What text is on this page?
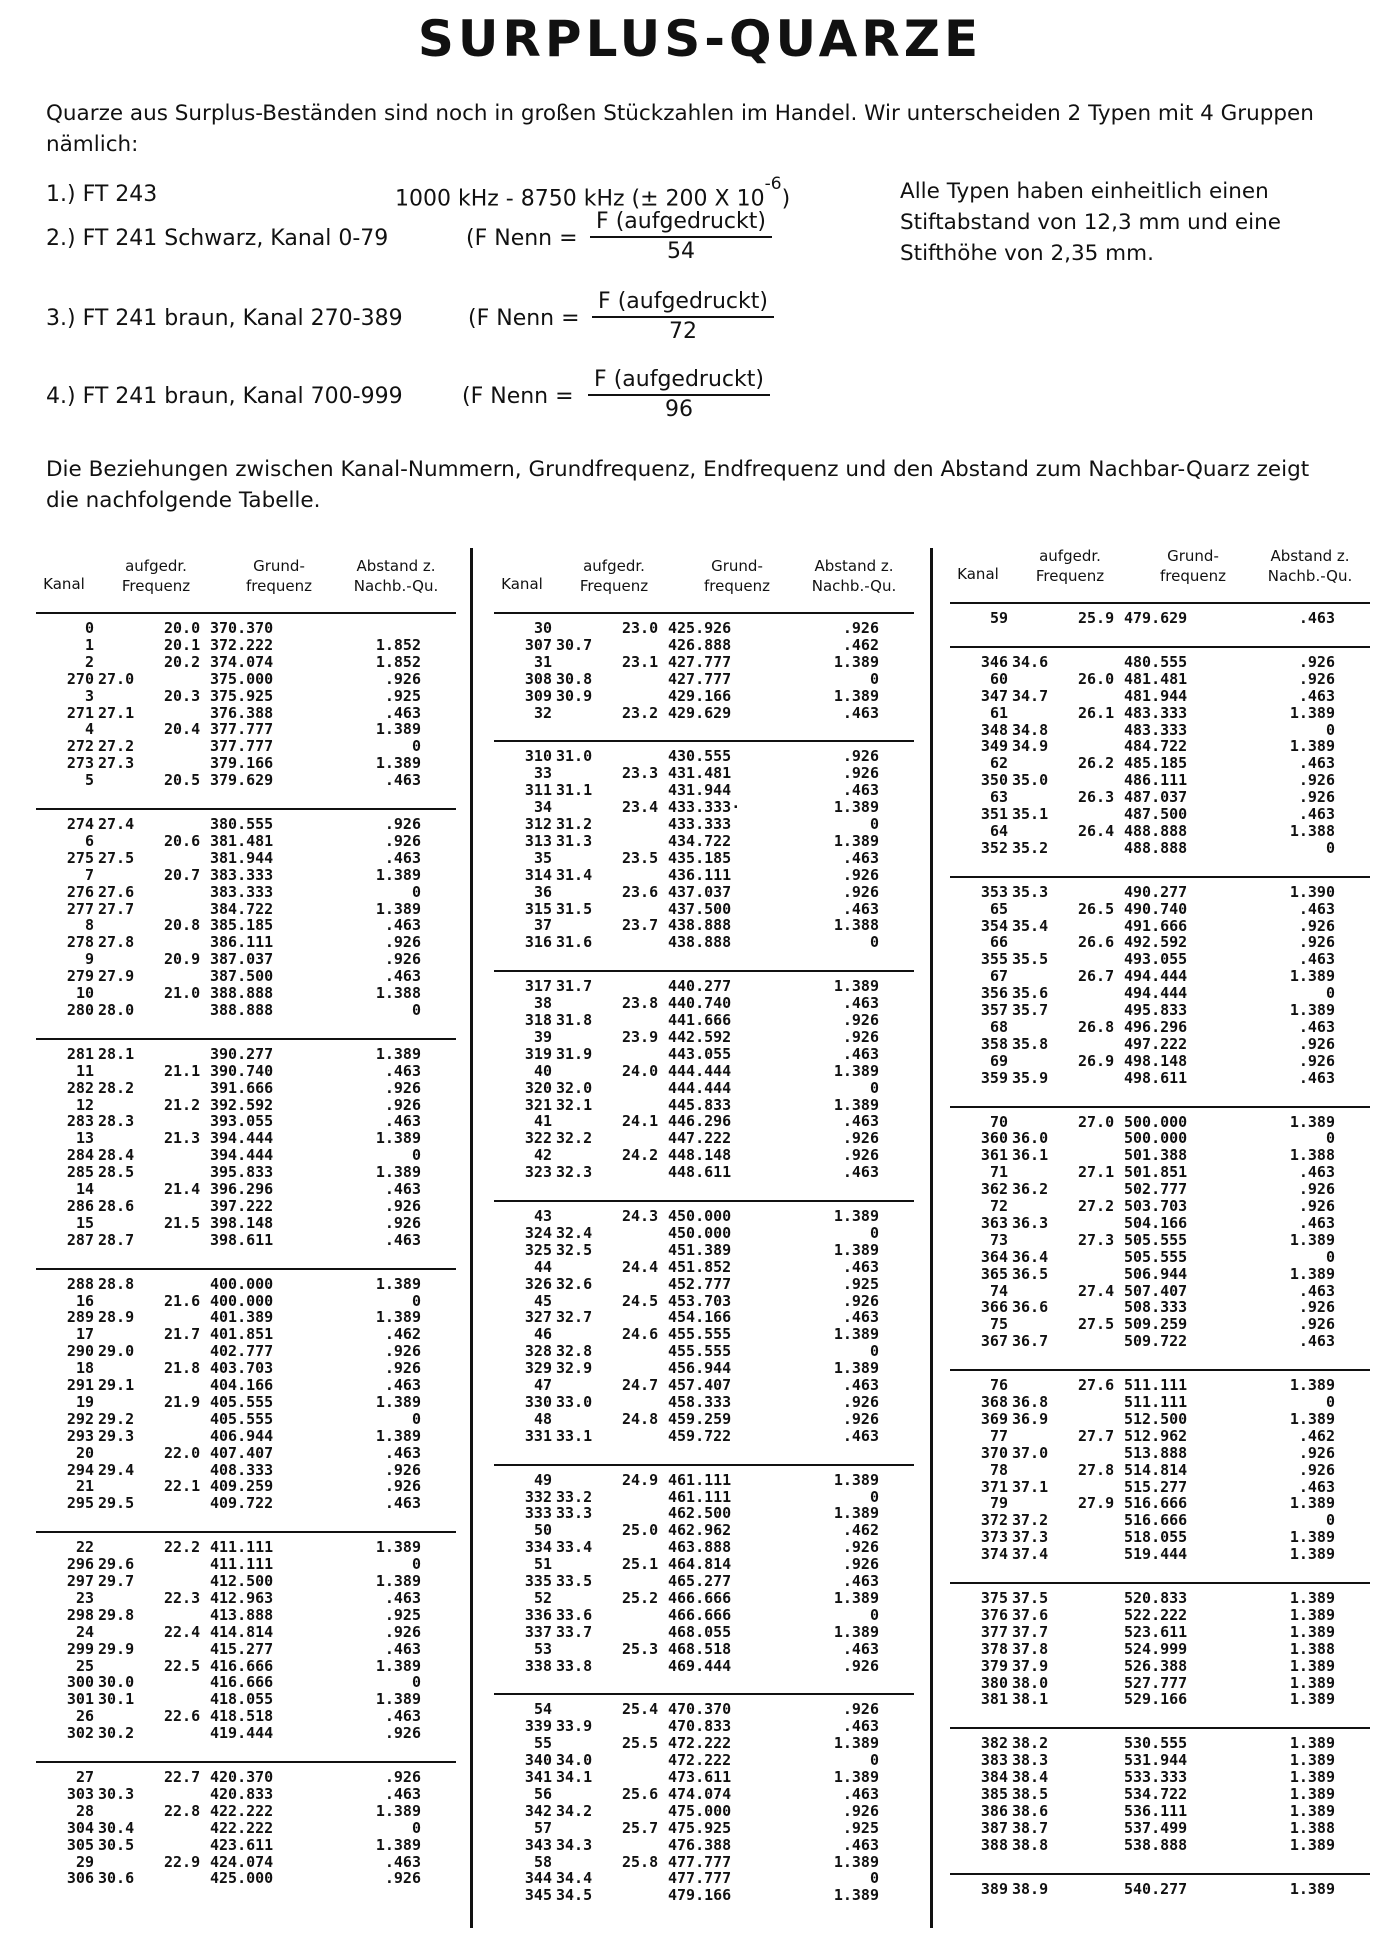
SURPLUS-QUARZE
Quarze aus Surplus-Beständen sind noch in großen Stückzahlen im Handel. Wir unterscheiden 2 Typen mit 4 Gruppen nämlich:
1.) FT 243	1000 kHz - 8750 kHz (± 200 X $10^{-6}$)
2.) FT 241 Schwarz, Kanal 0-79	(F Nenn =
F (aufgedruckt)
54
3.) FT 241 braun, Kanal 270-389	(F Nenn =
F (aufgedruckt)
72
4.) FT 241 braun, Kanal 700-999	(F Nenn =
F (aufgedruckt)
96
Alle Typen haben einheitlich einen Stiftabstand von 12,3 mm und eine Stifthöhe von 2,35 mm.
Die Beziehungen zwischen Kanal-Nummern, Grundfrequenz, Endfrequenz und den Abstand zum Nachbar-Quarz zeigt die nachfolgende Tabelle.
Kanal
aufgedr. Frequenz
Grund- frequenz
Abstand z. Nachb.-Qu.
0	20.0 370.370
1	20.1 372.222	1.852
2	20.2 374.074	1.852
270 27.0	375.000	.926
3	20.3 375.925	.925
271 27.1	376.388	.463
4	20.4 377.777	1.389
272 27.2	377.777	0
273 27.3	379.166	1.389
5	20.5 379.629	.463
274 27.4	380.555	.926
6	20.6 381.481	.926
275 27.5	381.944	.463
7	20.7 383.333	1.389
276 27.6	383.333	0
277 27.7	384.722	1.389
8	20.8 385.185	.463
278 27.8	386.111	.926
9	20.9 387.037	.926
279 27.9	387.500	.463
10	21.0 388.888	1.388
280 28.0	388.888	0
281 28.1	390.277	1.389
11	21.1 390.740	.463
282 28.2	391.666	.926
12	21.2 392.592	.926
283 28.3	393.055	.463
13	21.3 394.444	1.389
284 28.4	394.444	0
285 28.5	395.833	1.389
14	21.4 396.296	.463
286 28.6	397.222	.926
15	21.5 398.148	.926
287 28.7	398.611	.463
288 28.8	400.000	1.389
16	21.6 400.000	0
289 28.9	401.389	1.389
17	21.7 401.851	.462
290 29.0	402.777	.926
18	21.8 403.703	.926
291 29.1	404.166	.463
19	21.9 405.555	1.389
292 29.2	405.555	0
293 29.3	406.944	1.389
20	22.0 407.407	.463
294 29.4	408.333	.926
21	22.1 409.259	.926
295 29.5	409.722	.463
22	22.2 411.111	1.389
296 29.6	411.111	0
297 29.7	412.500	1.389
23	22.3 412.963	.463
298 29.8	413.888	.925
24	22.4 414.814	.926
299 29.9	415.277	.463
25	22.5 416.666	1.389
300 30.0	416.666	0
301 30.1	418.055	1.389
26	22.6 418.518	.463
302 30.2	419.444	.926
27	22.7 420.370	.926
303 30.3	420.833	.463
28	22.8 422.222	1.389
304 30.4	422.222	0
305 30.5	423.611	1.389
29	22.9 424.074	.463
306 30.6	425.000	.926
Kanal
aufgedr. Frequenz
Grund- frequenz
Abstand z. Nachb.-Qu.
30	23.0 425.926	.926
307 30.7	426.888	.462
31	23.1 427.777	1.389
308 30.8	427.777	0
309 30.9	429.166	1.389
32	23.2 429.629	.463
310 31.0	430.555	.926
33	23.3 431.481	.926
311 31.1	431.944	.463
34	23.4 433.333·	1.389
312 31.2	433.333	0
313 31.3	434.722	1.389
35	23.5 435.185	.463
314 31.4	436.111	.926
36	23.6 437.037	.926
315 31.5	437.500	.463
37	23.7 438.888	1.388
316 31.6	438.888	0
317 31.7	440.277	1.389
38	23.8 440.740	.463
318 31.8	441.666	.926
39	23.9 442.592	.926
319 31.9	443.055	.463
40	24.0 444.444	1.389
320 32.0	444.444	0
321 32.1	445.833	1.389
41	24.1 446.296	.463
322 32.2	447.222	.926
42	24.2 448.148	.926
323 32.3	448.611	.463
43	24.3 450.000	1.389
324 32.4	450.000	0
325 32.5	451.389	1.389
44	24.4 451.852	.463
326 32.6	452.777	.925
45	24.5 453.703	.926
327 32.7	454.166	.463
46	24.6 455.555	1.389
328 32.8	455.555	0
329 32.9	456.944	1.389
47	24.7 457.407	.463
330 33.0	458.333	.926
48	24.8 459.259	.926
331 33.1	459.722	.463
49	24.9 461.111	1.389
332 33.2	461.111	0
333 33.3	462.500	1.389
50	25.0 462.962	.462
334 33.4	463.888	.926
51	25.1 464.814	.926
335 33.5	465.277	.463
52	25.2 466.666	1.389
336 33.6	466.666	0
337 33.7	468.055	1.389
53	25.3 468.518	.463
338 33.8	469.444	.926
54	25.4 470.370	.926
339 33.9	470.833	.463
55	25.5 472.222	1.389
340 34.0	472.222	0
341 34.1	473.611	1.389
56	25.6 474.074	.463
342 34.2	475.000	.926
57	25.7 475.925	.925
343 34.3	476.388	.463
58	25.8 477.777	1.389
344 34.4	477.777	0
345 34.5	479.166	1.389
Kanal
aufgedr. Frequenz
Grund- frequenz
Abstand z. Nachb.-Qu.
59	25.9 479.629	.463
346 34.6	480.555	.926
60	26.0 481.481	.926
347 34.7	481.944	.463
61	26.1 483.333	1.389
348 34.8	483.333	0
349 34.9	484.722	1.389
62	26.2 485.185	.463
350 35.0	486.111	.926
63	26.3 487.037	.926
351 35.1	487.500	.463
64	26.4 488.888	1.388
352 35.2	488.888	0
353 35.3	490.277	1.390
65	26.5 490.740	.463
354 35.4	491.666	.926
66	26.6 492.592	.926
355 35.5	493.055	.463
67	26.7 494.444	1.389
356 35.6	494.444	0
357 35.7	495.833	1.389
68	26.8 496.296	.463
358 35.8	497.222	.926
69	26.9 498.148	.926
359 35.9	498.611	.463
70	27.0 500.000	1.389
360 36.0	500.000	0
361 36.1	501.388	1.388
71	27.1 501.851	.463
362 36.2	502.777	.926
72	27.2 503.703	.926
363 36.3	504.166	.463
73	27.3 505.555	1.389
364 36.4	505.555	0
365 36.5	506.944	1.389
74	27.4 507.407	.463
366 36.6	508.333	.926
75	27.5 509.259	.926
367 36.7	509.722	.463
76	27.6 511.111	1.389
368 36.8	511.111	0
369 36.9	512.500	1.389
77	27.7 512.962	.462
370 37.0	513.888	.926
78	27.8 514.814	.926
371 37.1	515.277	.463
79	27.9 516.666	1.389
372 37.2	516.666	0
373 37.3	518.055	1.389
374 37.4	519.444	1.389
375 37.5	520.833	1.389
376 37.6	522.222	1.389
377 37.7	523.611	1.389
378 37.8	524.999	1.388
379 37.9	526.388	1.389
380 38.0	527.777	1.389
381 38.1	529.166	1.389
382 38.2	530.555	1.389
383 38.3	531.944	1.389
384 38.4	533.333	1.389
385 38.5	534.722	1.389
386 38.6	536.111	1.389
387 38.7	537.499	1.388
388 38.8	538.888	1.389
389 38.9	540.277	1.389
